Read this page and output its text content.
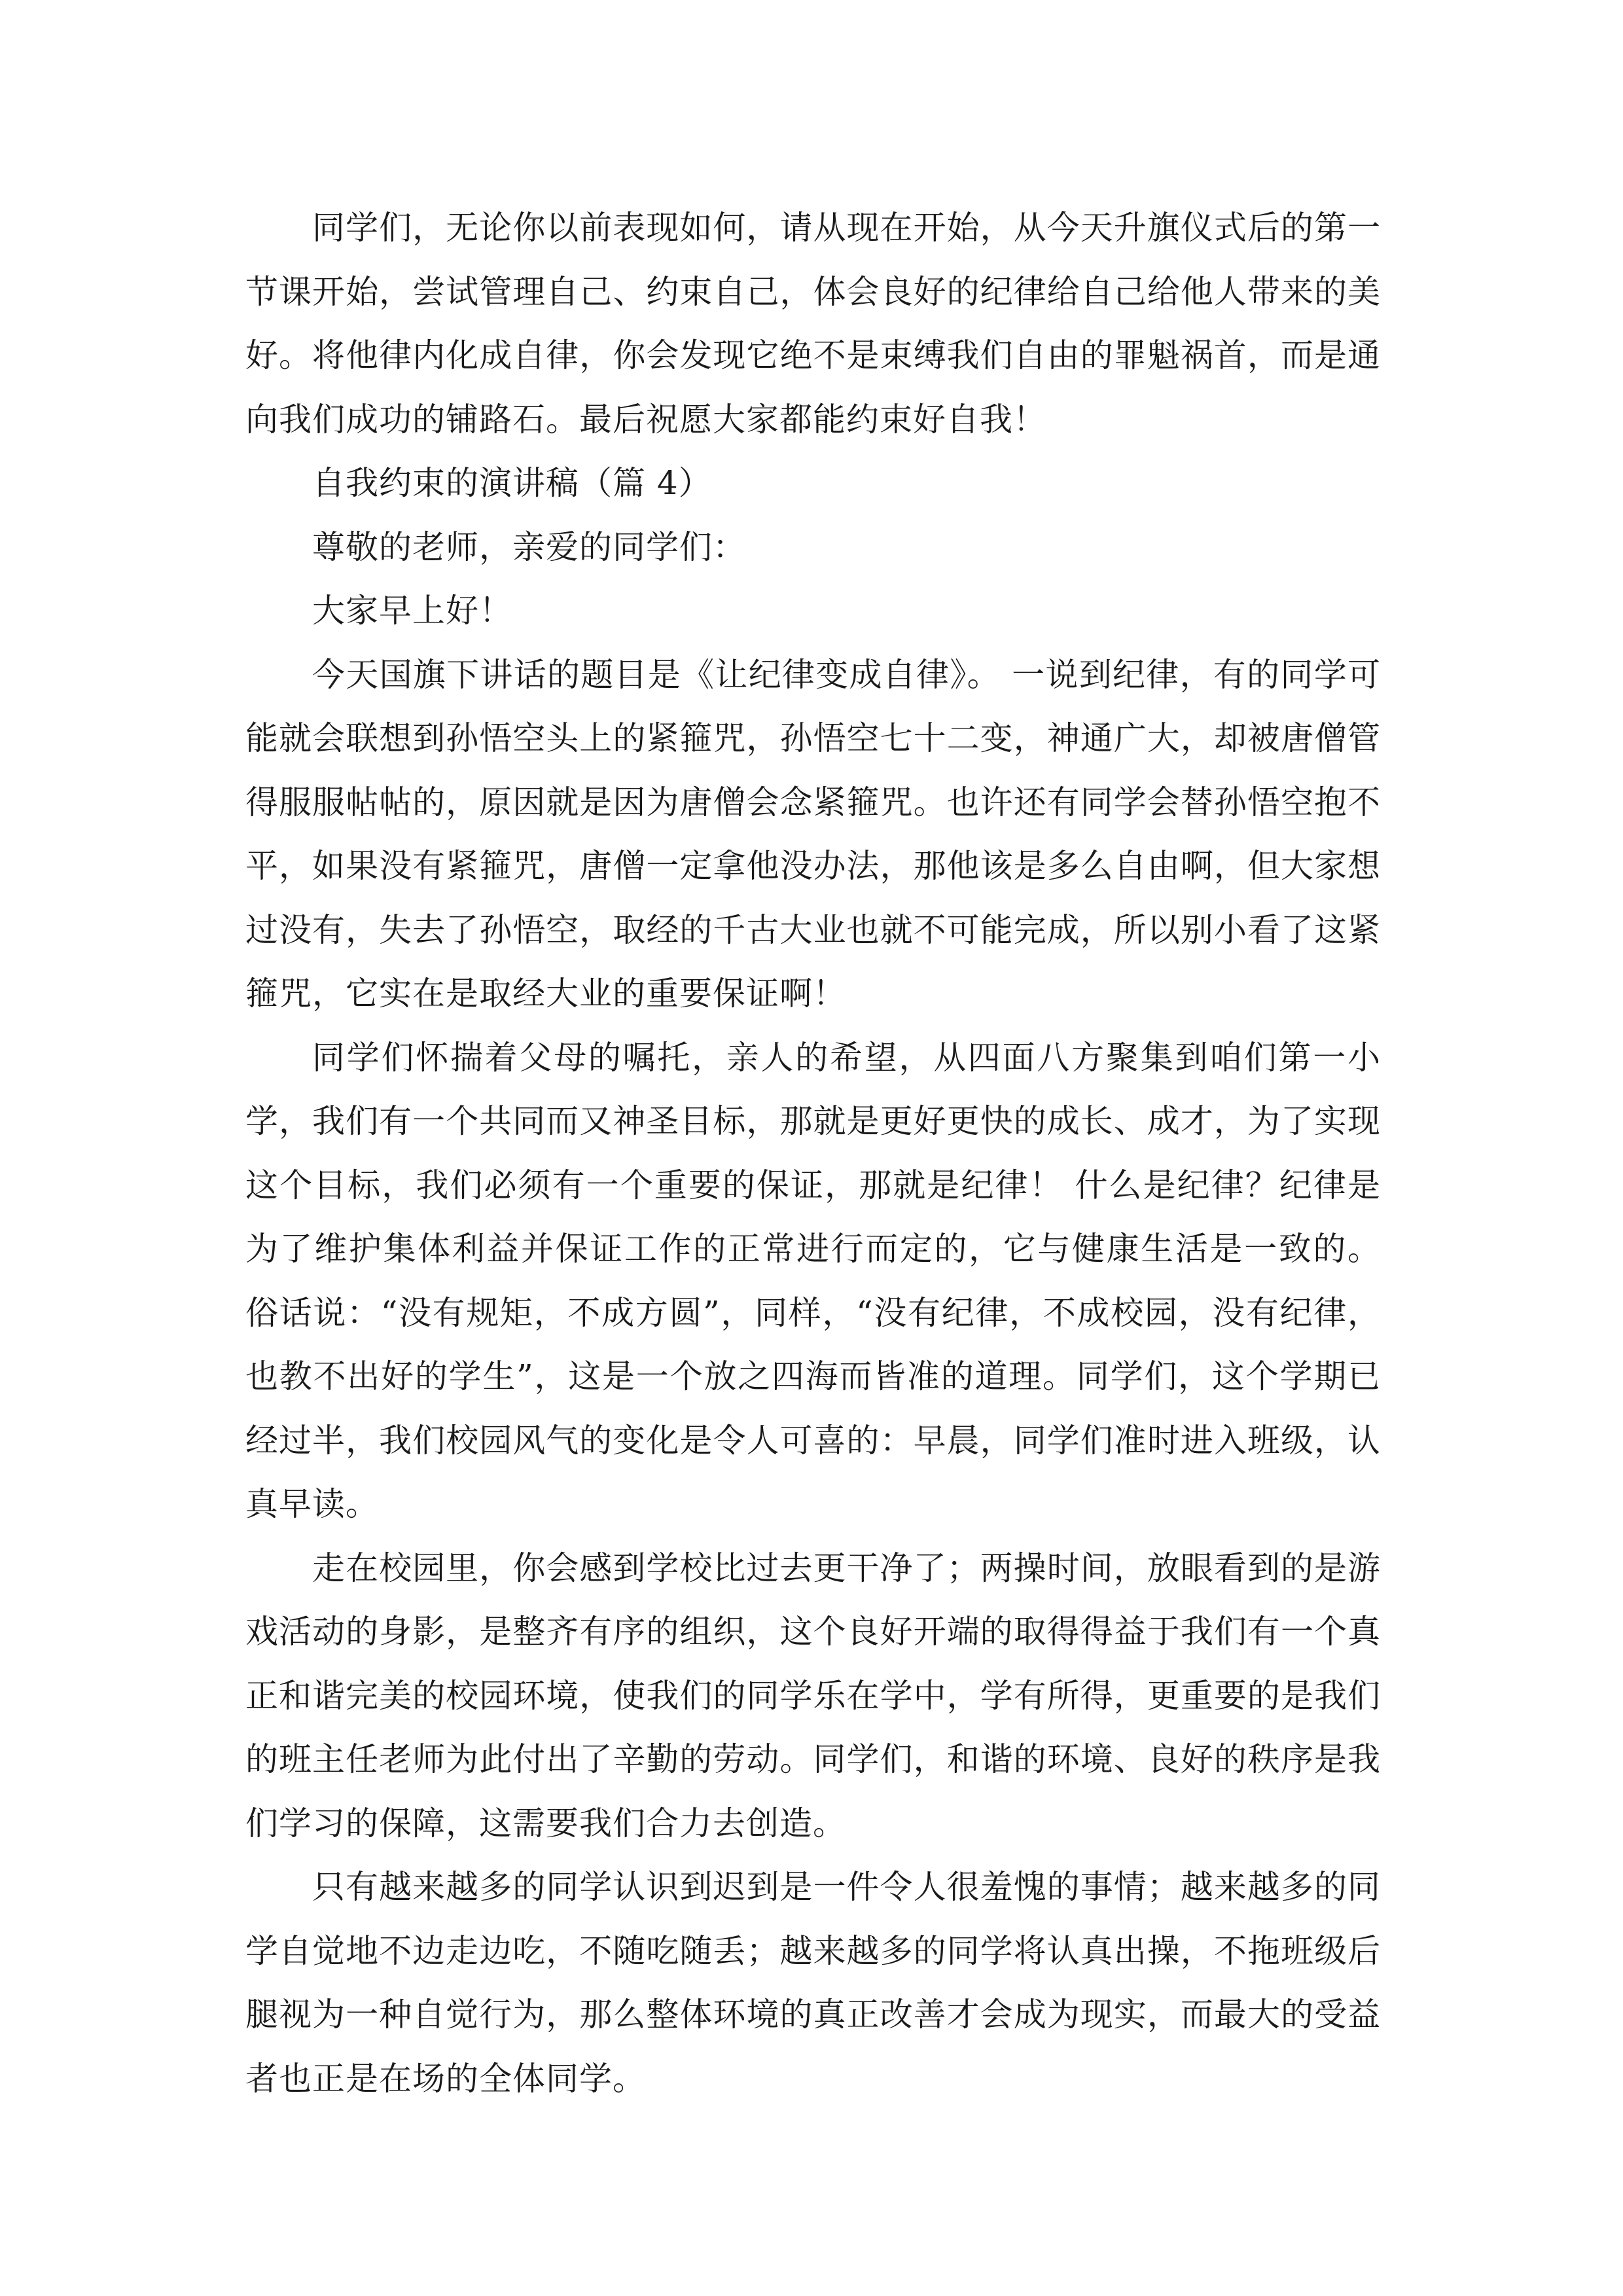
同学们，无论你以前表现如何，请从现在开始，从今天升旗仪式后的第一节课开始，尝试管理自己、约束自己，体会良好的纪律给自己给他人带来的美好。将他律内化成自律，你会发现它绝不是束缚我们自由的罪魁祸首，而是通向我们成功的铺路石。最后祝愿大家都能约束好自我！

自我约束的演讲稿（篇 4）

尊敬的老师，亲爱的同学们：

大家早上好！

今天国旗下讲话的题目是《让纪律变成自律》。 一说到纪律，有的同学可能就会联想到孙悟空头上的紧箍咒，孙悟空七十二变，神通广大，却被唐僧管得服服帖帖的，原因就是因为唐僧会念紧箍咒。也许还有同学会替孙悟空抱不平，如果没有紧箍咒，唐僧一定拿他没办法，那他该是多么自由啊，但大家想过没有，失去了孙悟空，取经的千古大业也就不可能完成，所以别小看了这紧箍咒，它实在是取经大业的重要保证啊！

同学们怀揣着父母的嘱托，亲人的希望，从四面八方聚集到咱们第一小学，我们有一个共同而又神圣目标，那就是更好更快的成长、成才，为了实现这个目标，我们必须有一个重要的保证，那就是纪律！ 什么是纪律？纪律是为了维护集体利益并保证工作的正常进行而定的，它与健康生活是一致的。 俗话说：“没有规矩，不成方圆”，同样，“没有纪律，不成校园，没有纪律，也教不出好的学生”，这是一个放之四海而皆准的道理。同学们，这个学期已经过半，我们校园风气的变化是令人可喜的：早晨，同学们准时进入班级，认真早读。

走在校园里，你会感到学校比过去更干净了；两操时间，放眼看到的是游戏活动的身影，是整齐有序的组织，这个良好开端的取得得益于我们有一个真正和谐完美的校园环境，使我们的同学乐在学中，学有所得，更重要的是我们的班主任老师为此付出了辛勤的劳动。同学们，和谐的环境、良好的秩序是我们学习的保障，这需要我们合力去创造。

只有越来越多的同学认识到迟到是一件令人很羞愧的事情；越来越多的同学自觉地不边走边吃，不随吃随丢；越来越多的同学将认真出操，不拖班级后腿视为一种自觉行为，那么整体环境的真正改善才会成为现实，而最大的受益者也正是在场的全体同学。
